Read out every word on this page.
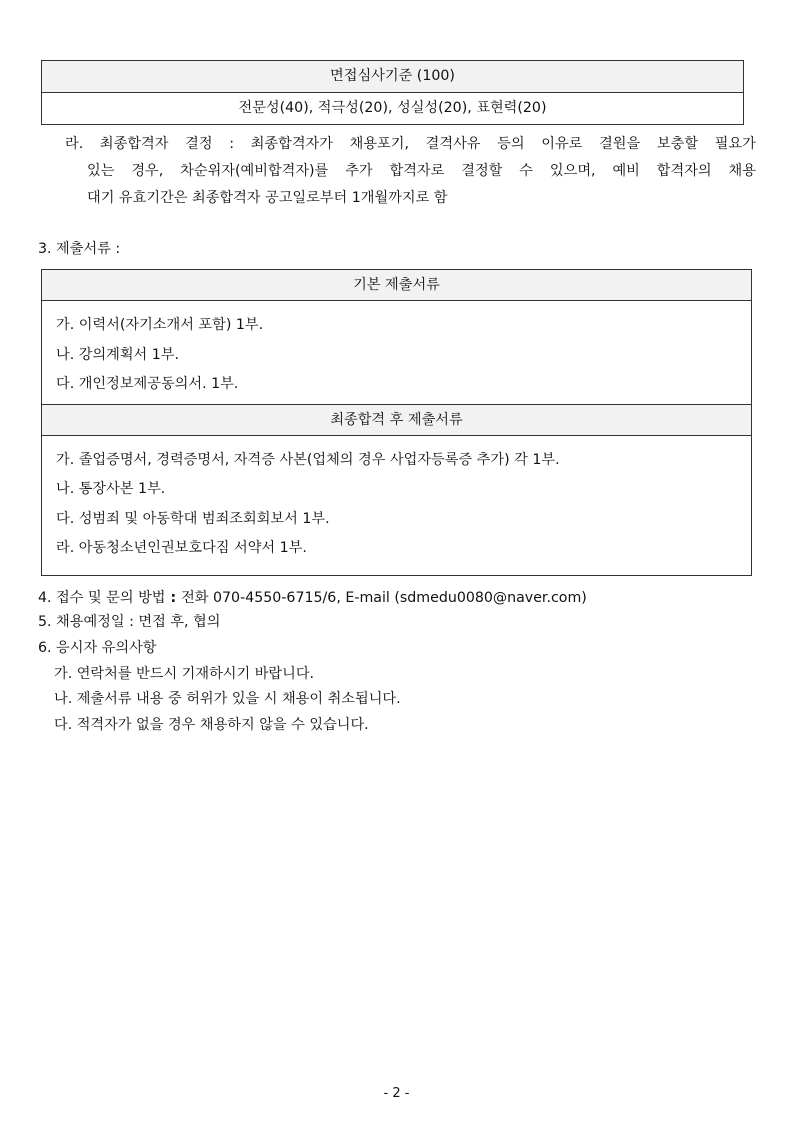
면접심사기준 (100)
전문성(40), 적극성(20), 성실성(20), 표현력(20)
라. 최종합격자 결정 : 최종합격자가 채용포기, 결격사유 등의 이유로 결원을 보충할 필요가
있는 경우, 차순위자(예비합격자)를 추가 합격자로 결정할 수 있으며, 예비 합격자의 채용
대기 유효기간은 최종합격자 공고일로부터 1개월까지로 함
3. 제출서류 :
기본 제출서류
가. 이력서(자기소개서 포함) 1부.
나. 강의계획서 1부.
다. 개인정보제공동의서. 1부.
최종합격 후 제출서류
가. 졸업증명서, 경력증명서, 자격증 사본(업체의 경우 사업자등록증 추가) 각 1부.
나. 통장사본 1부.
다. 성범죄 및 아동학대 범죄조회회보서 1부.
라. 아동청소년인권보호다짐 서약서 1부.
4. 접수 및 문의 방법 : 전화 070-4550-6715/6, E-mail (sdmedu0080@naver.com)
5. 채용예정일 : 면접 후, 협의
6. 응시자 유의사항
가. 연락처를 반드시 기재하시기 바랍니다.
나. 제출서류 내용 중 허위가 있을 시 채용이 취소됩니다.
다. 적격자가 없을 경우 채용하지 않을 수 있습니다.
- 2 -
